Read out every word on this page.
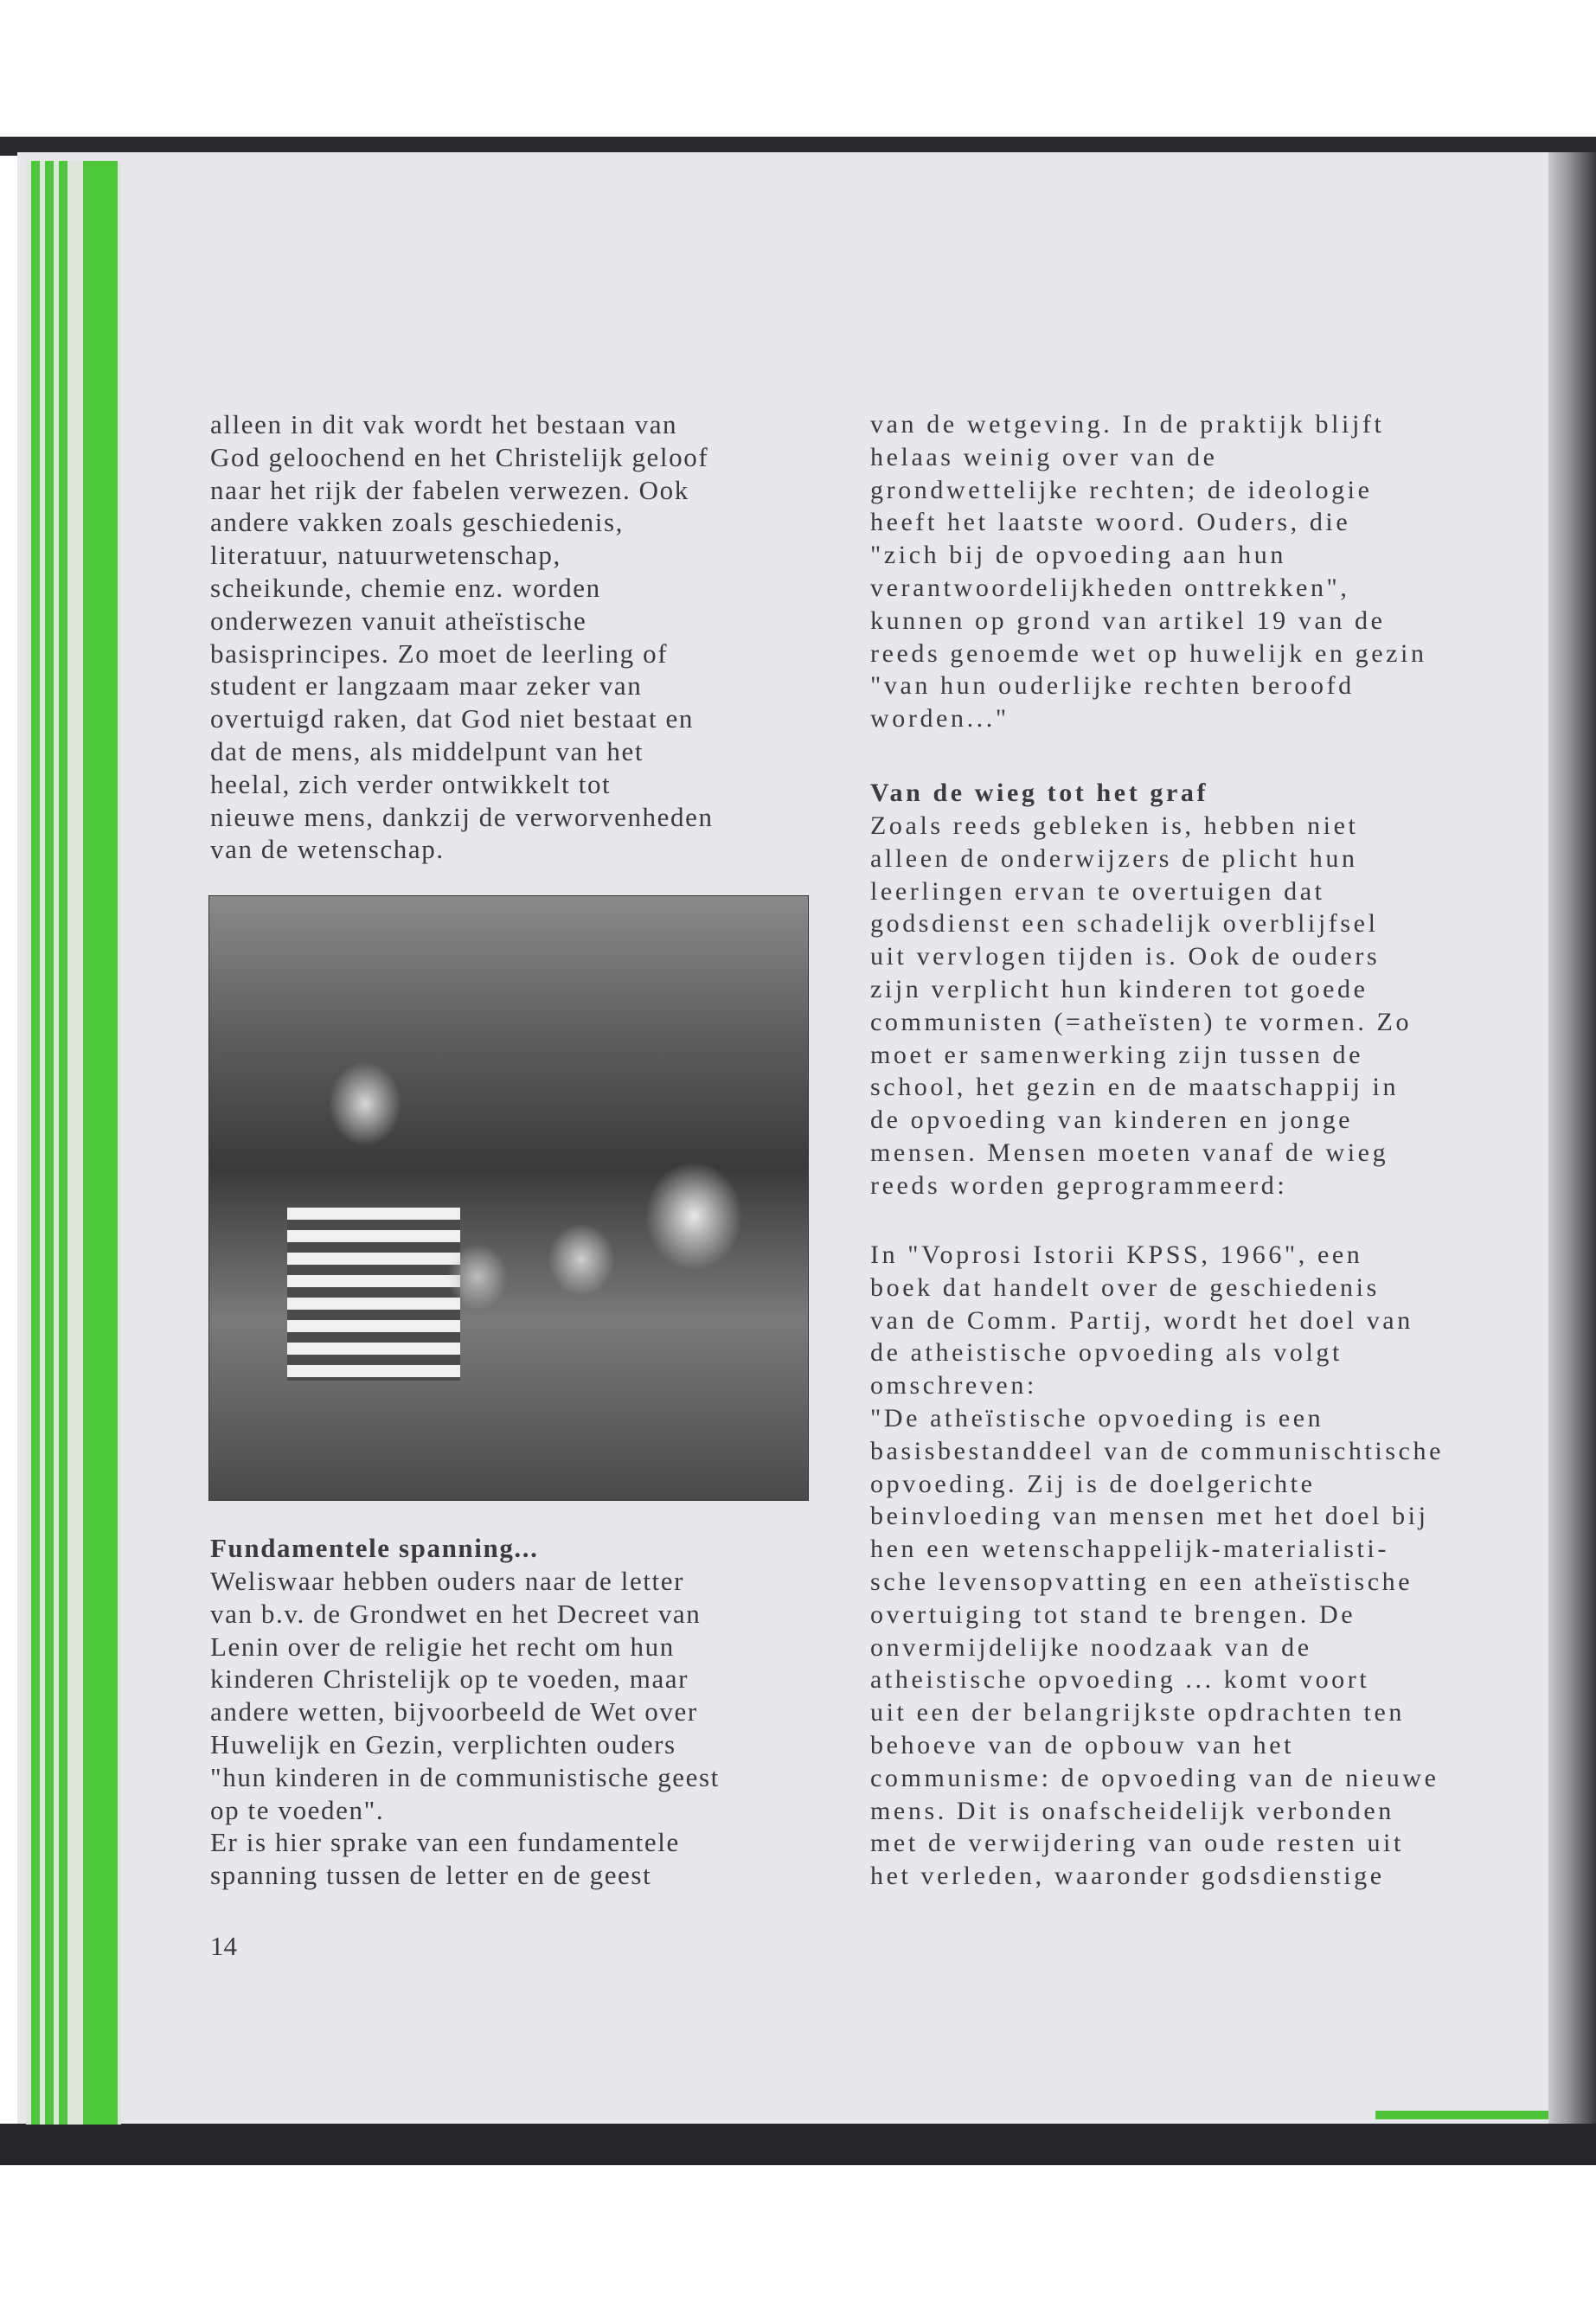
alleen in dit vak wordt het bestaan van
God geloochend en het Christelijk geloof
naar het rijk der fabelen verwezen. Ook
andere vakken zoals geschiedenis,
literatuur, natuurwetenschap,
scheikunde, chemie enz. worden
onderwezen vanuit atheïstische
basisprincipes. Zo moet de leerling of
student er langzaam maar zeker van
overtuigd raken, dat God niet bestaat en
dat de mens, als middelpunt van het
heelal, zich verder ontwikkelt tot
nieuwe mens, dankzij de verworvenheden
van de wetenschap.
Fundamentele spanning...
Weliswaar hebben ouders naar de letter
van b.v. de Grondwet en het Decreet van
Lenin over de religie het recht om hun
kinderen Christelijk op te voeden, maar
andere wetten, bijvoorbeeld de Wet over
Huwelijk en Gezin, verplichten ouders
"hun kinderen in de communistische geest
op te voeden".
Er is hier sprake van een fundamentele
spanning tussen de letter en de geest
14
van de wetgeving. In de praktijk blijft
helaas weinig over van de
grondwettelijke rechten; de ideologie
heeft het laatste woord. Ouders, die
"zich bij de opvoeding aan hun
verantwoordelijkheden onttrekken",
kunnen op grond van artikel 19 van de
reeds genoemde wet op huwelijk en gezin
"van hun ouderlijke rechten beroofd
worden..."
Van de wieg tot het graf
Zoals reeds gebleken is, hebben niet
alleen de onderwijzers de plicht hun
leerlingen ervan te overtuigen dat
godsdienst een schadelijk overblijfsel
uit vervlogen tijden is. Ook de ouders
zijn verplicht hun kinderen tot goede
communisten (=atheïsten) te vormen. Zo
moet er samenwerking zijn tussen de
school, het gezin en de maatschappij in
de opvoeding van kinderen en jonge
mensen. Mensen moeten vanaf de wieg
reeds worden geprogrammeerd:
In "Voprosi Istorii KPSS, 1966", een
boek dat handelt over de geschiedenis
van de Comm. Partij, wordt het doel van
de atheistische opvoeding als volgt
omschreven:
"De atheïstische opvoeding is een
basisbestanddeel van de communischtische
opvoeding. Zij is de doelgerichte
beinvloeding van mensen met het doel bij
hen een wetenschappelijk-materialisti-
sche levensopvatting en een atheïstische
overtuiging tot stand te brengen. De
onvermijdelijke noodzaak van de
atheistische opvoeding ... komt voort
uit een der belangrijkste opdrachten ten
behoeve van de opbouw van het
communisme: de opvoeding van de nieuwe
mens. Dit is onafscheidelijk verbonden
met de verwijdering van oude resten uit
het verleden, waaronder godsdienstige
